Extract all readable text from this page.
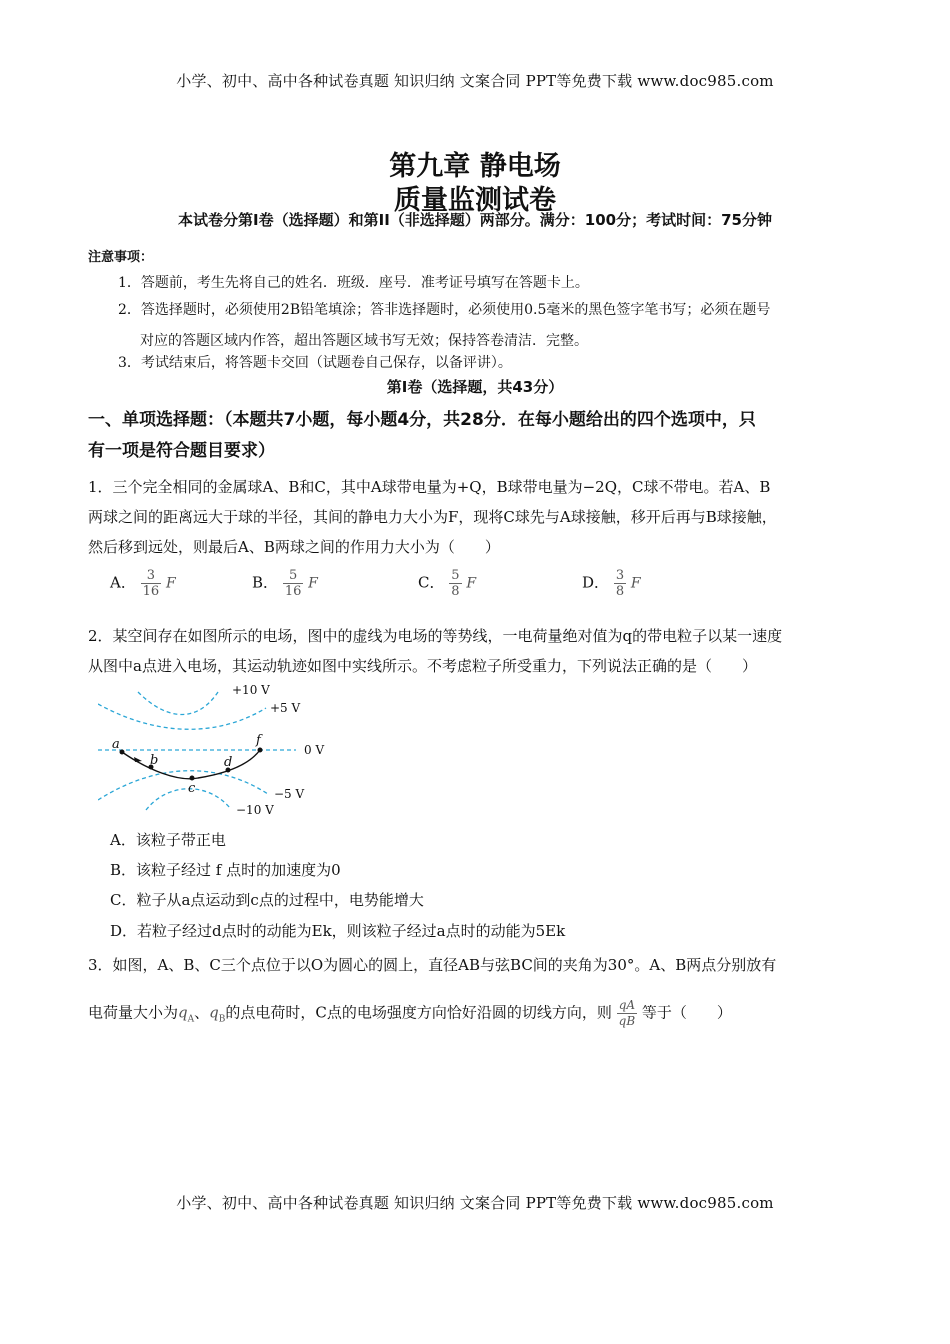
小学、初中、高中各种试卷真题 知识归纳 文案合同 PPT等免费下载 www.doc985.com
第九章 静电场
质量监测试卷
本试卷分第I卷（选择题）和第II（非选择题）两部分。满分：100分；考试时间：75分钟
注意事项：
1．答题前，考生先将自己的姓名．班级．座号．准考证号填写在答题卡上。
2．答选择题时，必须使用2B铅笔填涂；答非选择题时，必须使用0.5毫米的黑色签字笔书写；必须在题号
对应的答题区域内作答，超出答题区域书写无效；保持答卷清洁．完整。
3．考试结束后，将答题卡交回（试题卷自己保存，以备评讲）。
第I卷（选择题，共43分）
一、单项选择题：（本题共7小题，每小题4分，共28分．在每小题给出的四个选项中，只
有一项是符合题目要求）
1．三个完全相同的金属球A、B和C，其中A球带电量为+Q，B球带电量为−2Q，C球不带电。若A、B
两球之间的距离远大于球的半径，其间的静电力大小为F，现将C球先与A球接触，移开后再与B球接触，
然后移到远处，则最后A、B两球之间的作用力大小为（　　）
A． $\frac{3}{16}$ F	B． $\frac{5}{16}$ F	C． $\frac{5}{8}$ F	D． $\frac{3}{8}$ F
2．某空间存在如图所示的电场，图中的虚线为电场的等势线，一电荷量绝对值为q的带电粒子以某一速度
从图中a点进入电场，其运动轨迹如图中实线所示。不考虑粒子所受重力，下列说法正确的是（　　）
a
b
c
d
f
+10 V
+5 V
0 V
−5 V
−10 V
A．该粒子带正电
B．该粒子经过 f 点时的加速度为0
C．粒子从a点运动到c点的过程中，电势能增大
D．若粒子经过d点时的动能为Ek，则该粒子经过a点时的动能为5Ek
3．如图，A、B、C三个点位于以O为圆心的圆上，直径AB与弦BC间的夹角为30°。A、B两点分别放有
电荷量大小为$q_A$、$q_B$的点电荷时，C点的电场强度方向恰好沿圆的切线方向，则 $\frac{qA}{qB}$ 等于（　　）
小学、初中、高中各种试卷真题 知识归纳 文案合同 PPT等免费下载 www.doc985.com
